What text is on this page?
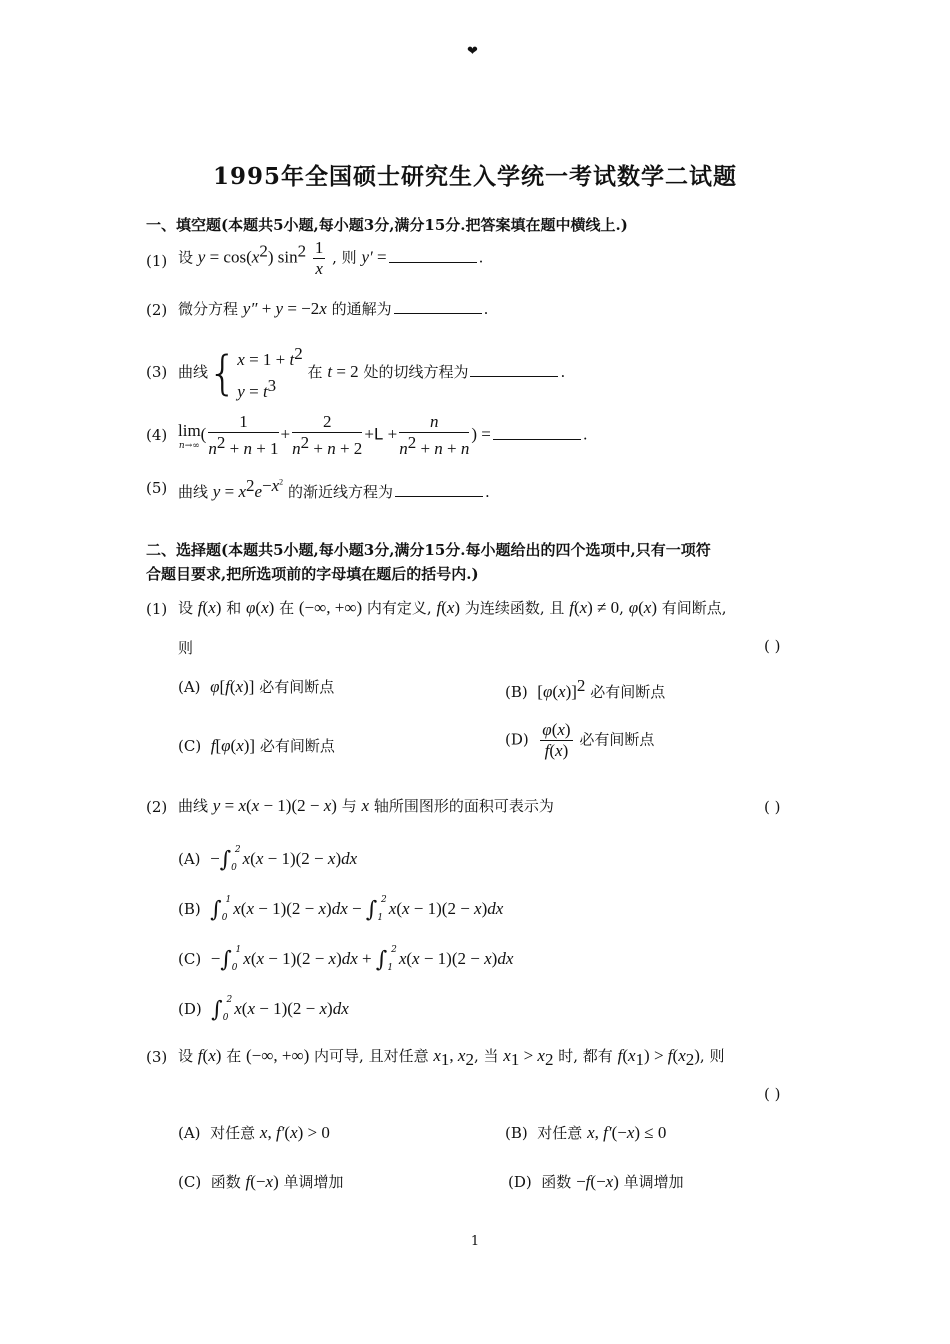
❤
1995年全国硕士研究生入学统一考试数学二试题
一、填空题(本题共5小题,每小题3分,满分15分.把答案填在题中横线上.)
(1) 设 $y = \cos(x^2)$ $\sin^2 \frac{1}{x}$ , 则 y′ =	.
(2) 微分方程 y″ + y = −2x 的通解为	.
(3) 曲线{ $x = 1 + t^2$
$y = t^3$
在 t = 2 处的切线方程为	.
(4) lim
n→∞
( $\frac{1}{n^2 + n + 1} + \frac{2}{n^2 + n + 2} +L + \frac{n}{n^2 + n + n}$ ) =	.
(5) 曲线 $y = x^2e^{-x^2}$ 的渐近线方程为	.
二、选择题(本题共5小题,每小题3分,满分15分.每小题给出的四个选项中,只有一项符
合题目要求,把所选项前的字母填在题后的括号内.)
(1) 设 f(x) 和 φ(x) 在 (−∞, +∞) 内有定义, f(x) 为连续函数, 且 f(x) ≠ 0, φ(x) 有间断点,
则	( )
(A) φ[f(x)] 必有间断点	(B) $[\varphi(x)]^2$ 必有间断点
(C) f[φ(x)] 必有间断点	$(D) \frac{\varphi(x)}{f(x)}$ 必有间断点
(2) 曲线 y = x(x − 1)(2 − x) 与 x 轴所围图形的面积可表示为	( )
$(A) -\int_0^2$ x(x − 1)(2 − x)dx
(B) $\int_0^1$ $x(x - 1)(2 - x)dx - \int_1^2$ x(x − 1)(2 − x)dx
$(C) -\int_0^1$ $x(x - 1)(2 - x)dx + \int_1^2$ x(x − 1)(2 − x)dx
(D) $\int_0^2$ x(x − 1)(2 − x)dx
(3) 设 f(x) 在 (−∞, +∞) 内可导, 且对任意 $x_1$, $x_2$, 当 $x_1 > x_2$ 时, 都有 $f(x_1) > f(x_2)$, 则
( )
(A) 对任意 x, f′(x) > 0	(B) 对任意 x, f′(−x) ≤ 0
(C) 函数 f(−x) 单调增加	(D) 函数 −f(−x) 单调增加
1
